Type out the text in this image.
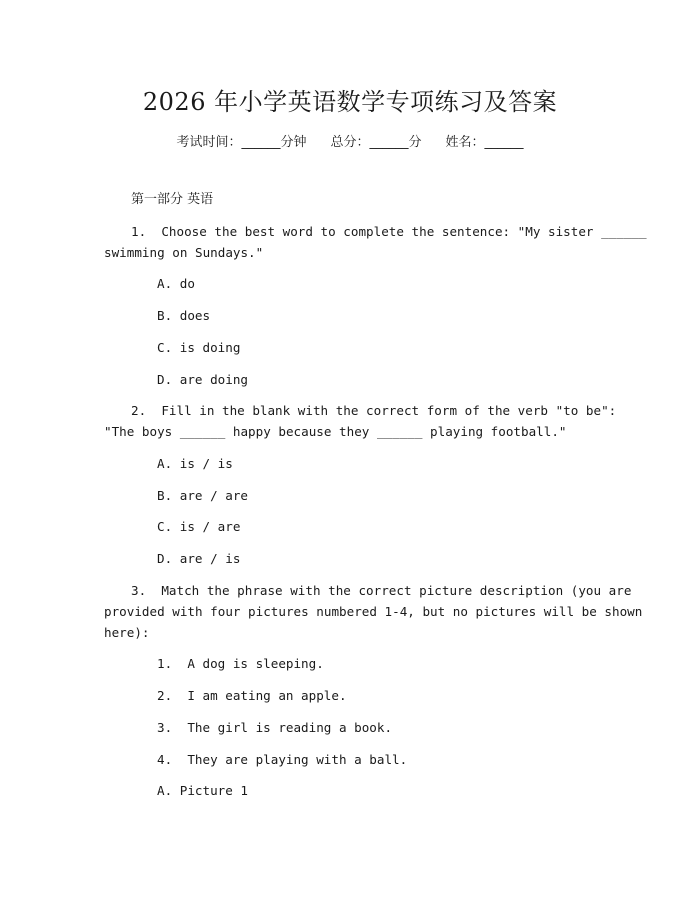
2026 年小学英语数学专项练习及答案
考试时间：______分钟 总分：______分 姓名：______
第一部分 英语
1.  Choose the best word to complete the sentence: "My sister ______
swimming on Sundays."
A. do
B. does
C. is doing
D. are doing
2.  Fill in the blank with the correct form of the verb "to be":
"The boys ______ happy because they ______ playing football."
A. is / is
B. are / are
C. is / are
D. are / is
3.  Match the phrase with the correct picture description (you are
provided with four pictures numbered 1-4, but no pictures will be shown
here):
1.  A dog is sleeping.
2.  I am eating an apple.
3.  The girl is reading a book.
4.  They are playing with a ball.
A. Picture 1
